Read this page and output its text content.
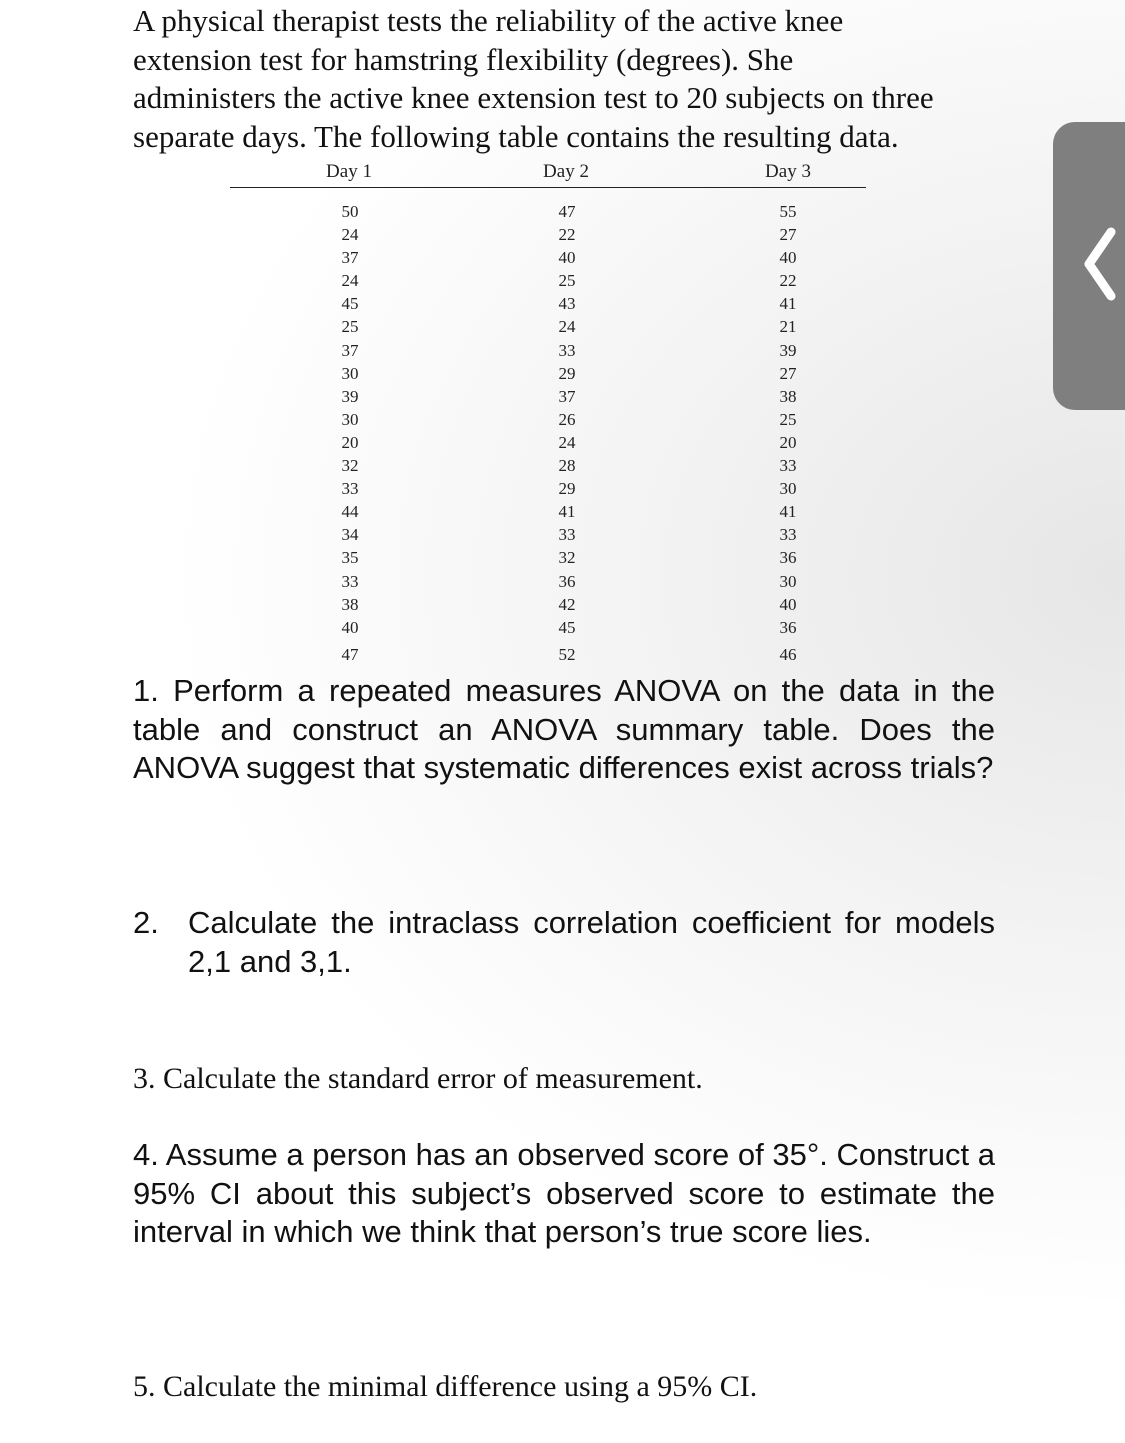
A physical therapist tests the reliability of the active knee
extension test for hamstring flexibility (degrees). She
administers the active knee extension test to 20 subjects on three
separate days. The following table contains the resulting data.
Day 1	Day 2	Day 3
50
24
37
24
45
25
37
30
39
30
20
32
33
44
34
35
33
38
40
47
47
22
40
25
43
24
33
29
37
26
24
28
29
41
33
32
36
42
45
52
55
27
40
22
41
21
39
27
38
25
20
33
30
41
33
36
30
40
36
46

1. Perform a repeated measures ANOVA on the data in the table and construct an ANOVA summary table. Does the ANOVA suggest that systematic differences exist across trials?

2. Calculate the intraclass correlation coefficient for models 2,1 and 3,1.

3. Calculate the standard error of measurement.

4. Assume a person has an observed score of 35°. Construct a 95% CI about this subject’s observed score to estimate the interval in which we think that person’s true score lies.

5. Calculate the minimal difference using a 95% CI.
